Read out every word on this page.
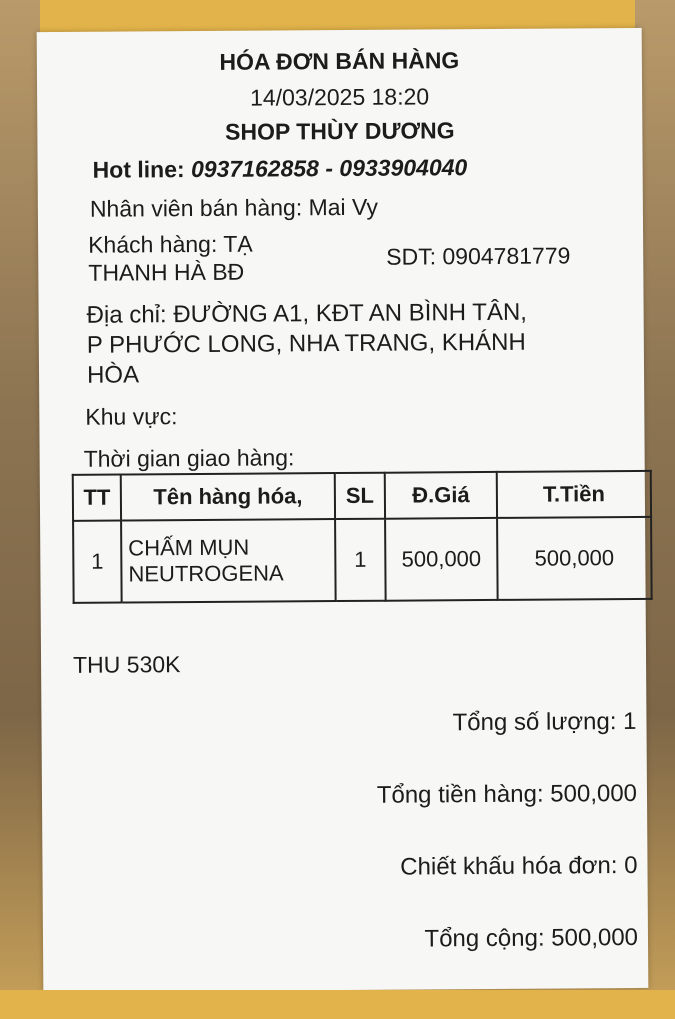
HÓA ĐƠN BÁN HÀNG
14/03/2025 18:20
SHOP THÙY DƯƠNG
Hot line: 0937162858 - 0933904040
Nhân viên bán hàng: Mai Vy
Khách hàng: TẠ
THANH HÀ BĐ
SDT: 0904781779
Địa chỉ: ĐƯỜNG A1, KĐT AN BÌNH TÂN,
P PHƯỚC LONG, NHA TRANG, KHÁNH
HÒA
Khu vực:
Thời gian giao hàng:
TT	Tên hàng hóa,	SL	Đ.Giá	T.Tiền
1	CHẤM MỤN
NEUTROGENA	1	500,000	500,000
THU 530K
Tổng số lượng: 1
Tổng tiền hàng: 500,000
Chiết khấu hóa đơn: 0
Tổng cộng: 500,000
